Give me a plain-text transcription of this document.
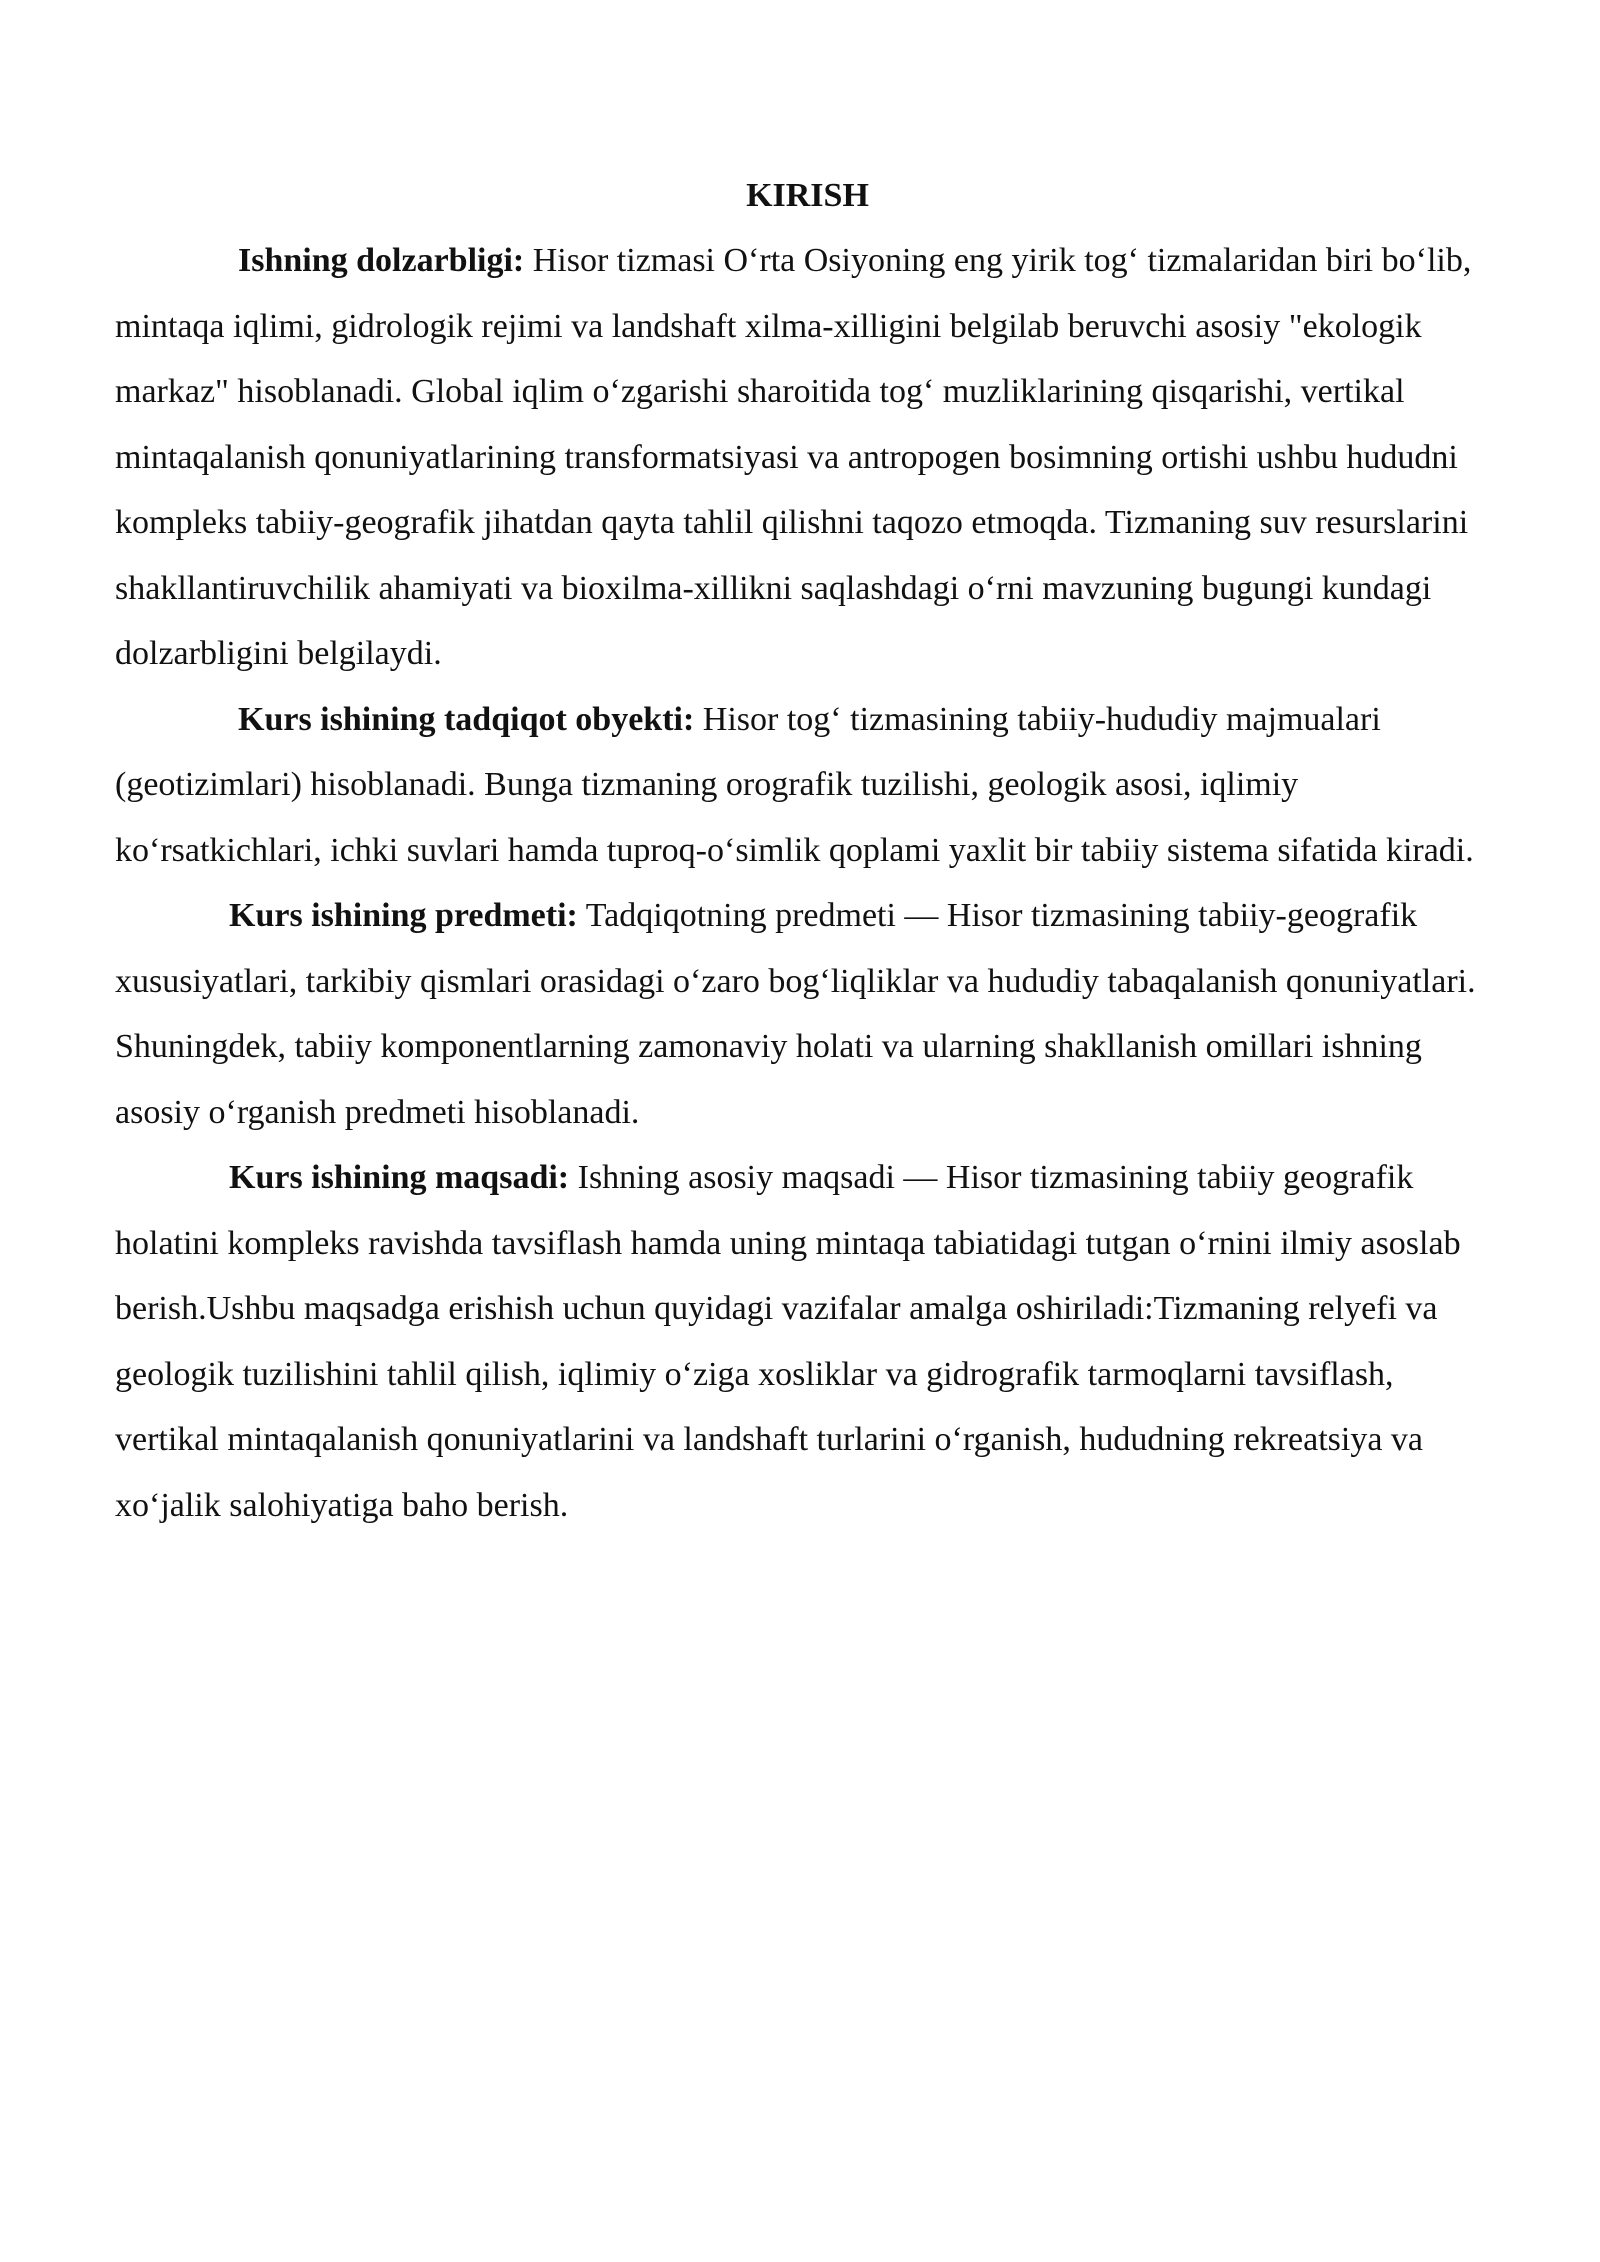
KIRISH

Ishning dolzarbligi: Hisor tizmasi O‘rta Osiyoning eng yirik tog‘ tizmalaridan biri bo‘lib, mintaqa iqlimi, gidrologik rejimi va landshaft xilma-xilligini belgilab beruvchi asosiy "ekologik markaz" hisoblanadi. Global iqlim o‘zgarishi sharoitida tog‘ muzliklarining qisqarishi, vertikal mintaqalanish qonuniyatlarining transformatsiyasi va antropogen bosimning ortishi ushbu hududni kompleks tabiiy-geografik jihatdan qayta tahlil qilishni taqozo etmoqda. Tizmaning suv resurslarini shakllantiruvchilik ahamiyati va bioxilma-xillikni saqlashdagi o‘rni mavzuning bugungi kundagi dolzarbligini belgilaydi.

Kurs ishining tadqiqot obyekti: Hisor tog‘ tizmasining tabiiy-hududiy majmualari (geotizimlari) hisoblanadi. Bunga tizmaning orografik tuzilishi, geologik asosi, iqlimiy ko‘rsatkichlari, ichki suvlari hamda tuproq-o‘simlik qoplami yaxlit bir tabiiy sistema sifatida kiradi.

Kurs ishining predmeti: Tadqiqotning predmeti — Hisor tizmasining tabiiy-geografik xususiyatlari, tarkibiy qismlari orasidagi o‘zaro bog‘liqliklar va hududiy tabaqalanish qonuniyatlari. Shuningdek, tabiiy komponentlarning zamonaviy holati va ularning shakllanish omillari ishning asosiy o‘rganish predmeti hisoblanadi.

Kurs ishining maqsadi: Ishning asosiy maqsadi — Hisor tizmasining tabiiy geografik holatini kompleks ravishda tavsiflash hamda uning mintaqa tabiatidagi tutgan o‘rnini ilmiy asoslab berish.Ushbu maqsadga erishish uchun quyidagi vazifalar amalga oshiriladi:Tizmaning relyefi va geologik tuzilishini tahlil qilish, iqlimiy o‘ziga xosliklar va gidrografik tarmoqlarni tavsiflash, vertikal mintaqalanish qonuniyatlarini va landshaft turlarini o‘rganish, hududning rekreatsiya va xo‘jalik salohiyatiga baho berish.
